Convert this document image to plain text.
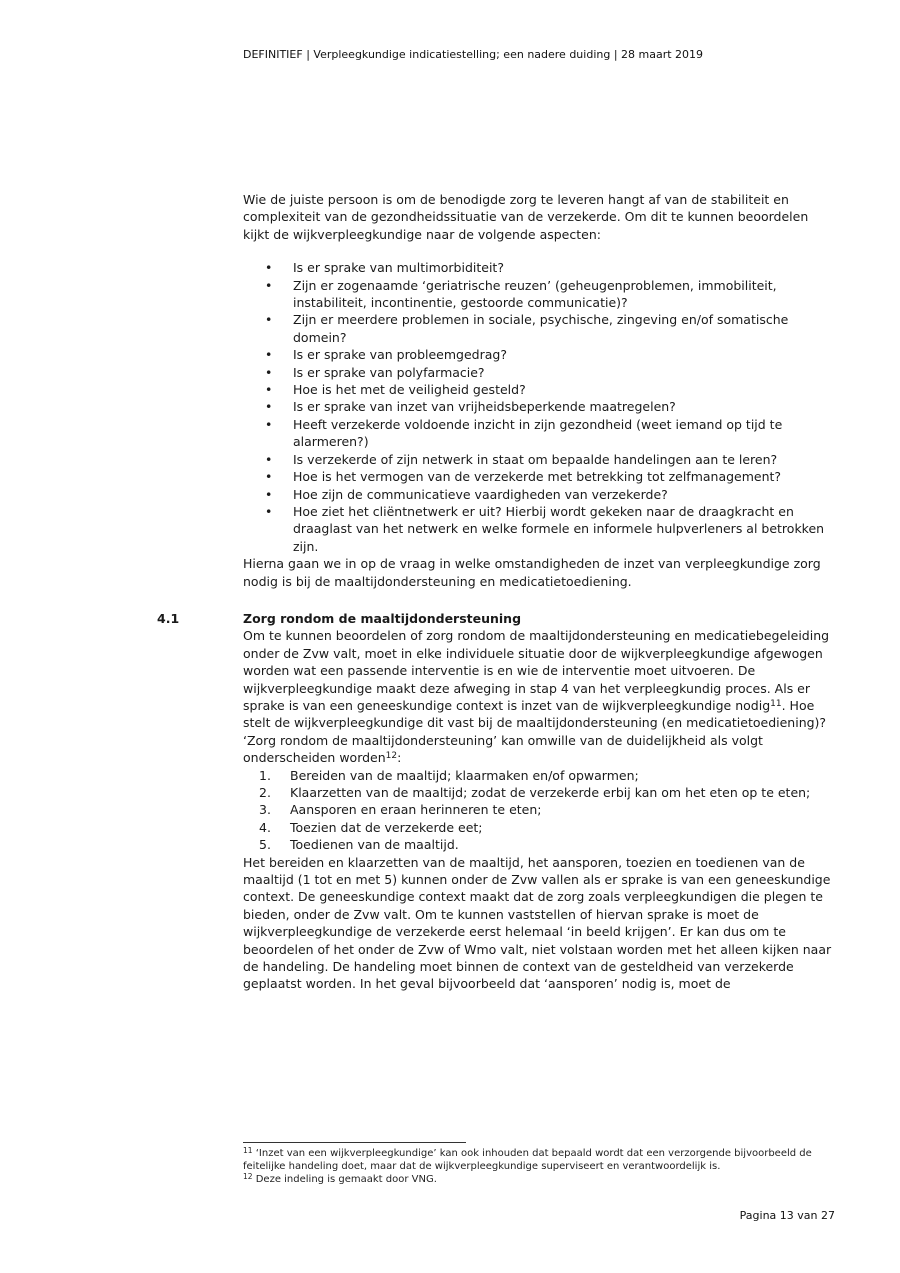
DEFINITIEF | Verpleegkundige indicatiestelling; een nadere duiding | 28 maart 2019

Wie de juiste persoon is om de benodigde zorg te leveren hangt af van de stabiliteit en complexiteit van de gezondheidssituatie van de verzekerde. Om dit te kunnen beoordelen kijkt de wijkverpleegkundige naar de volgende aspecten:

• Is er sprake van multimorbiditeit?
• Zijn er zogenaamde ‘geriatrische reuzen’ (geheugenproblemen, immobiliteit, instabiliteit, incontinentie, gestoorde communicatie)?
• Zijn er meerdere problemen in sociale, psychische, zingeving en/of somatische domein?
• Is er sprake van probleemgedrag?
• Is er sprake van polyfarmacie?
• Hoe is het met de veiligheid gesteld?
• Is er sprake van inzet van vrijheidsbeperkende maatregelen?
• Heeft verzekerde voldoende inzicht in zijn gezondheid (weet iemand op tijd te alarmeren?)
• Is verzekerde of zijn netwerk in staat om bepaalde handelingen aan te leren?
• Hoe is het vermogen van de verzekerde met betrekking tot zelfmanagement?
• Hoe zijn de communicatieve vaardigheden van verzekerde?
• Hoe ziet het cliëntnetwerk er uit? Hierbij wordt gekeken naar de draagkracht en draaglast van het netwerk en welke formele en informele hulpverleners al betrokken zijn.

Hierna gaan we in op de vraag in welke omstandigheden de inzet van verpleegkundige zorg nodig is bij de maaltijdondersteuning en medicatietoediening.

4.1	Zorg rondom de maaltijdondersteuning

Om te kunnen beoordelen of zorg rondom de maaltijdondersteuning en medicatiebegeleiding onder de Zvw valt, moet in elke individuele situatie door de wijkverpleegkundige afgewogen worden wat een passende interventie is en wie de interventie moet uitvoeren. De wijkverpleegkundige maakt deze afweging in stap 4 van het verpleegkundig proces. Als er sprake is van een geneeskundige context is inzet van de wijkverpleegkundige nodig$^{11}$. Hoe stelt de wijkverpleegkundige dit vast bij de maaltijdondersteuning (en medicatietoediening)?

‘Zorg rondom de maaltijdondersteuning’ kan omwille van de duidelijkheid als volgt onderscheiden worden$^{12}$:

1. Bereiden van de maaltijd; klaarmaken en/of opwarmen;
2. Klaarzetten van de maaltijd; zodat de verzekerde erbij kan om het eten op te eten;
3. Aansporen en eraan herinneren te eten;
4. Toezien dat de verzekerde eet;
5. Toedienen van de maaltijd.

Het bereiden en klaarzetten van de maaltijd, het aansporen, toezien en toedienen van de maaltijd (1 tot en met 5) kunnen onder de Zvw vallen als er sprake is van een geneeskundige context. De geneeskundige context maakt dat de zorg zoals verpleegkundigen die plegen te bieden, onder de Zvw valt. Om te kunnen vaststellen of hiervan sprake is moet de wijkverpleegkundige de verzekerde eerst helemaal ‘in beeld krijgen’. Er kan dus om te beoordelen of het onder de Zvw of Wmo valt, niet volstaan worden met het alleen kijken naar de handeling. De handeling moet binnen de context van de gesteldheid van verzekerde geplaatst worden. In het geval bijvoorbeeld dat ‘aansporen’ nodig is, moet de

$^{11}$ ‘Inzet van een wijkverpleegkundige’ kan ook inhouden dat bepaald wordt dat een verzorgende bijvoorbeeld de feitelijke handeling doet, maar dat de wijkverpleegkundige superviseert en verantwoordelijk is.
$^{12}$ Deze indeling is gemaakt door VNG.
Pagina 13 van 27
